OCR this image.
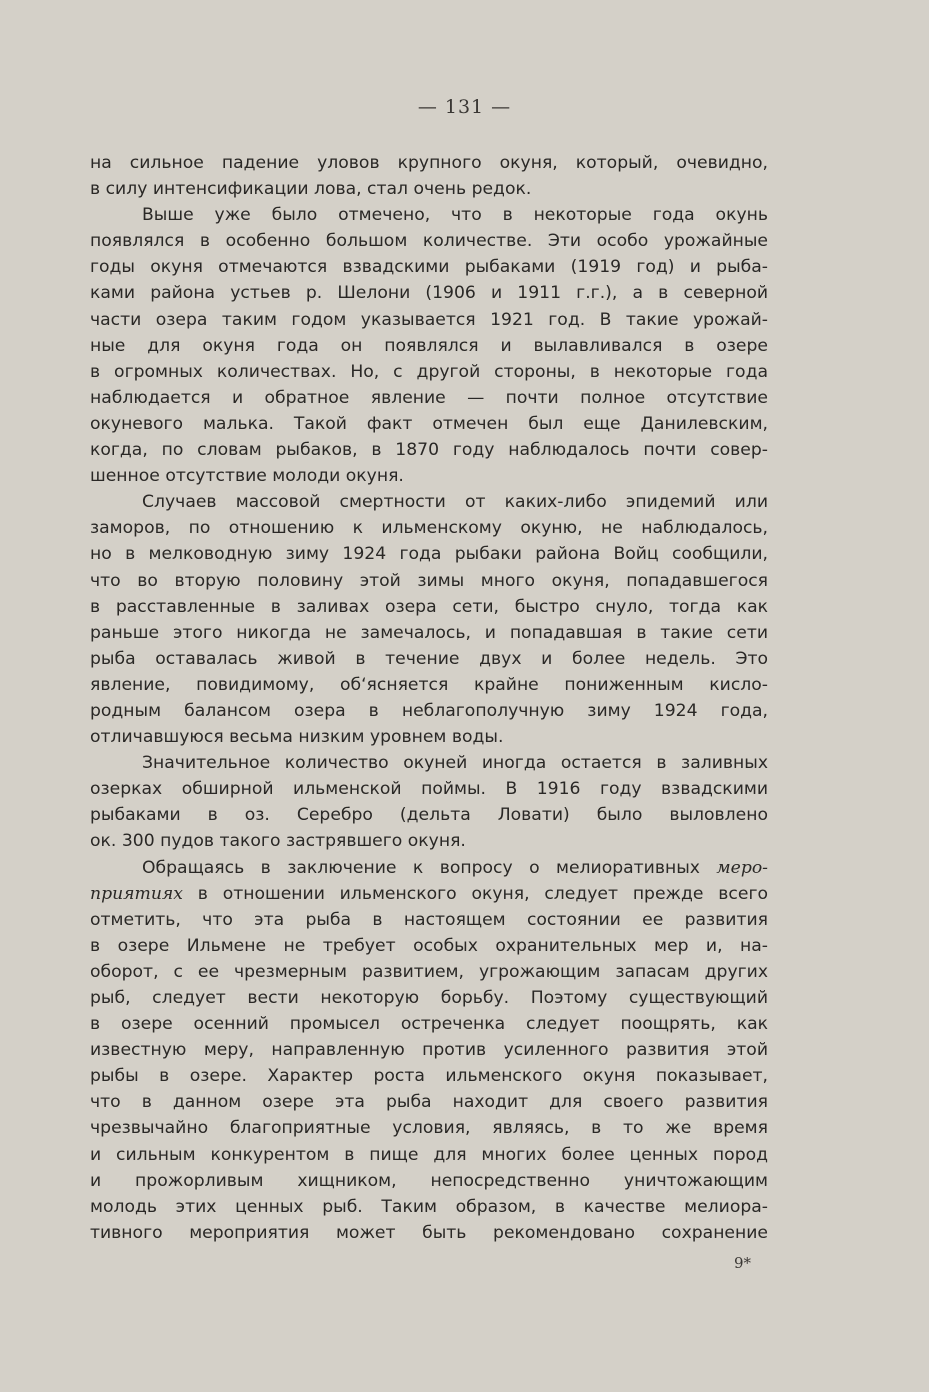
— 131 —
на сильное падение уловов крупного окуня, который, очевидно,
в силу интенсификации лова, стал очень редок.
Выше уже было отмечено, что в некоторые года окунь
появлялся в особенно большом количестве. Эти особо урожайные
годы окуня отмечаются взвадскими рыбаками (1919 год) и рыба-
ками района устьев р. Шелони (1906 и 1911 г.г.), а в северной
части озера таким годом указывается 1921 год. В такие урожай-
ные для окуня года он появлялся и вылавливался в озере
в огромных количествах. Но, с другой стороны, в некоторые года
наблюдается и обратное явление — почти полное отсутствие
окуневого малька. Такой факт отмечен был еще Данилевским,
когда, по словам рыбаков, в 1870 году наблюдалось почти совер-
шенное отсутствие молоди окуня.
Случаев массовой смертности от каких-либо эпидемий или
заморов, по отношению к ильменскому окуню, не наблюдалось,
но в мелководную зиму 1924 года рыбаки района Войц сообщили,
что во вторую половину этой зимы много окуня, попадавшегося
в расставленные в заливах озера сети, быстро снуло, тогда как
раньше этого никогда не замечалось, и попадавшая в такие сети
рыба оставалась живой в течение двух и более недель. Это
явление, повидимому, об‘ясняется крайне пониженным кисло-
родным балансом озера в неблагополучную зиму 1924 года,
отличавшуюся весьма низким уровнем воды.
Значительное количество окуней иногда остается в заливных
озерках обширной ильменской поймы. В 1916 году взвадскими
рыбаками в оз. Серебро (дельта Ловати) было выловлено
ок. 300 пудов такого застрявшего окуня.
Обращаясь в заключение к вопросу о мелиоративных меро-
приятиях в отношении ильменского окуня, следует прежде всего
отметить, что эта рыба в настоящем состоянии ее развития
в озере Ильмене не требует особых охранительных мер и, на-
оборот, с ее чрезмерным развитием, угрожающим запасам других
рыб, следует вести некоторую борьбу. Поэтому существующий
в озере осенний промысел остреченка следует поощрять, как
известную меру, направленную против усиленного развития этой
рыбы в озере. Характер роста ильменского окуня показывает,
что в данном озере эта рыба находит для своего развития
чрезвычайно благоприятные условия, являясь, в то же время
и сильным конкурентом в пище для многих более ценных пород
и прожорливым хищником, непосредственно уничтожающим
молодь этих ценных рыб. Таким образом, в качестве мелиора-
тивного мероприятия может быть рекомендовано сохранение
9*
